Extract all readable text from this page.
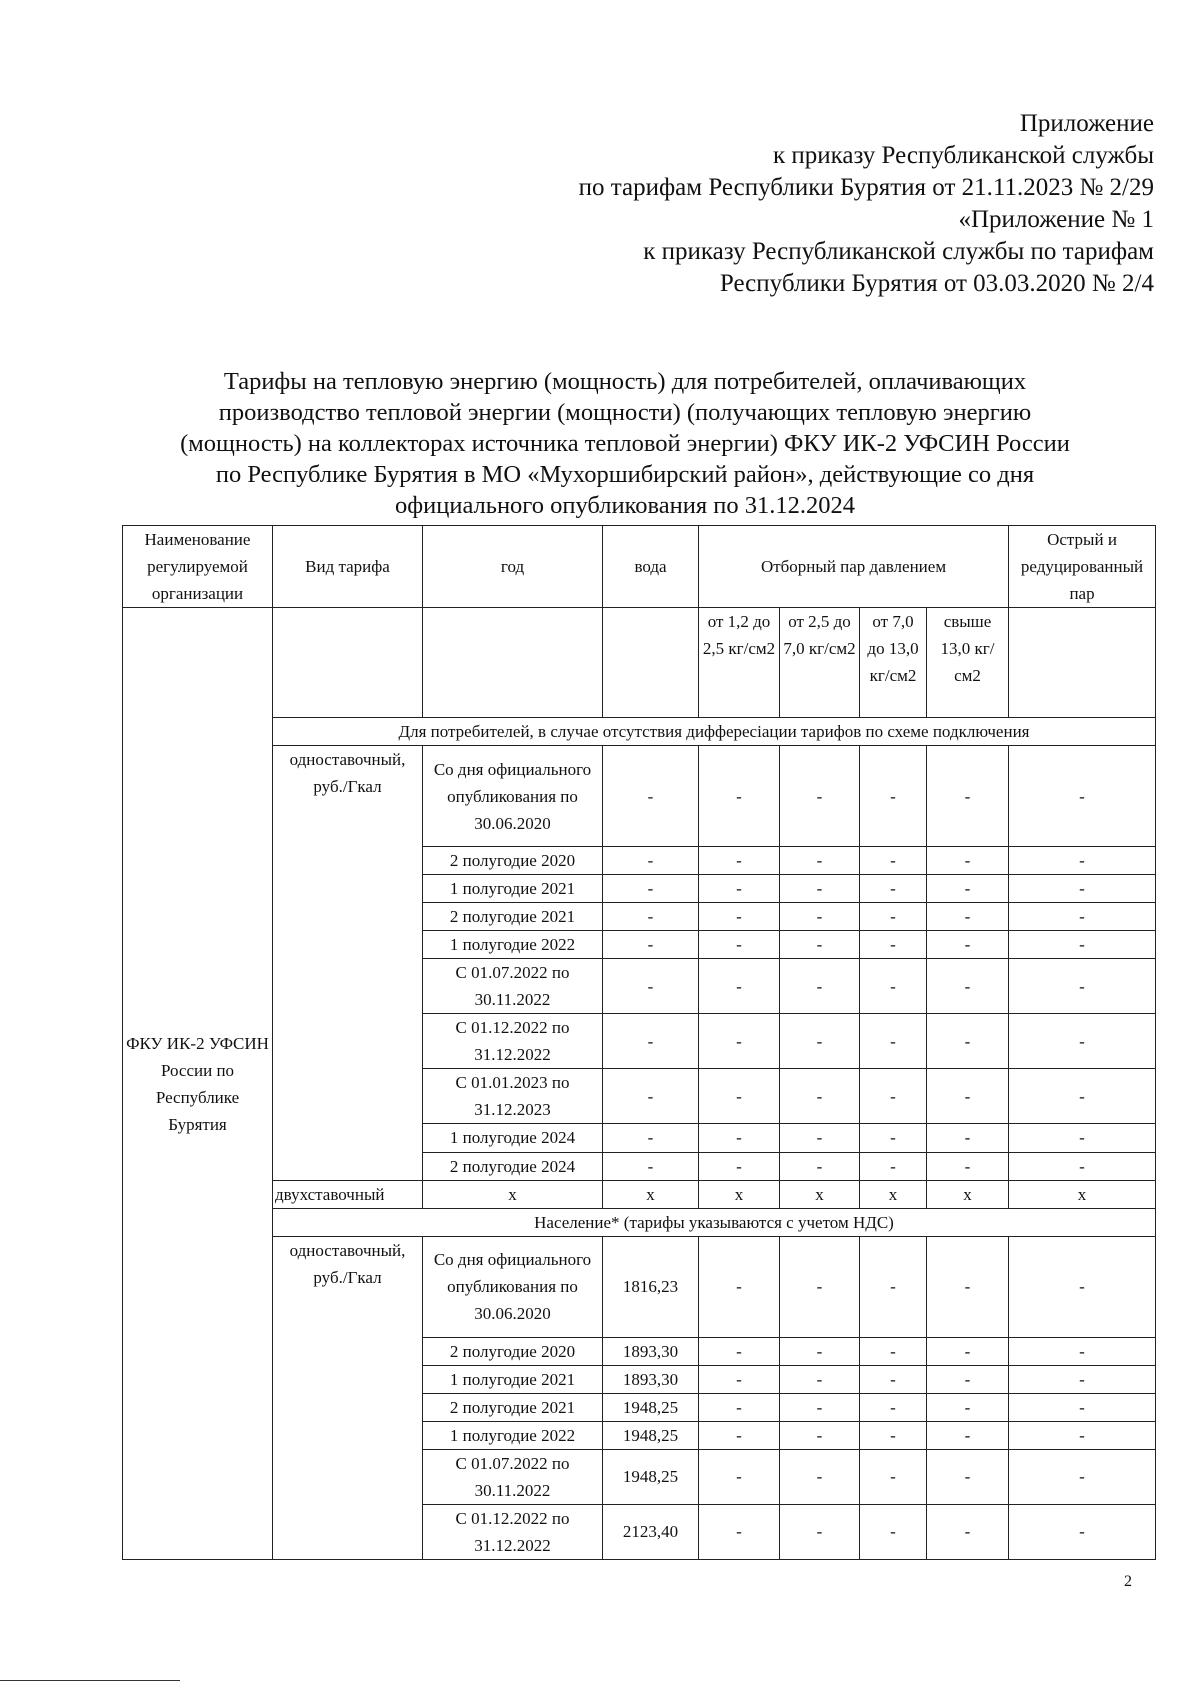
Приложение
к приказу Республиканской службы
по тарифам Республики Бурятия от 21.11.2023 № 2/29
«Приложение № 1
к приказу Республиканской службы по тарифам
Республики Бурятия от 03.03.2020 № 2/4
Тарифы на тепловую энергию (мощность) для потребителей, оплачивающих
производство тепловой энергии (мощности) (получающих тепловую энергию
(мощность) на коллекторах источника тепловой энергии) ФКУ ИК-2 УФСИН России
по Республике Бурятия в МО «Мухоршибирский район», действующие со дня
официального опубликования по 31.12.2024
Наименование регулируемой организации	Вид тарифа	год	вода	Отборный пар давлением				Острый и редуцированный пар
ФКУ ИК-2 УФСИН России по Республике Бурятия				от 1,2 до 2,5 кг/см2	от 2,5 до 7,0 кг/см2	от 7,0 до 13,0 кг/см2	свыше 13,0 кг/см2	
	Для потребителей, в случае отсутствия диффереciации тарифов по схеме подключения							
	одноставочный, руб./Гкал	Со дня официального опубликования по 30.06.2020	-	-	-	-	-	-
		2 полугодие 2020	-	-	-	-	-	-
		1 полугодие 2021	-	-	-	-	-	-
		2 полугодие 2021	-	-	-	-	-	-
		1 полугодие 2022	-	-	-	-	-	-
		С 01.07.2022 по 30.11.2022	-	-	-	-	-	-
		С 01.12.2022 по 31.12.2022	-	-	-	-	-	-
		С 01.01.2023 по 31.12.2023	-	-	-	-	-	-
		1 полугодие 2024	-	-	-	-	-	-
		2 полугодие 2024	-	-	-	-	-	-
	двухставочный	х	х	х	х	х	х	х
	Население* (тарифы указываются с учетом НДС)							
	одноставочный, руб./Гкал	Со дня официального опубликования по 30.06.2020	1816,23	-	-	-	-	-
		2 полугодие 2020	1893,30	-	-	-	-	-
		1 полугодие 2021	1893,30	-	-	-	-	-
		2 полугодие 2021	1948,25	-	-	-	-	-
		1 полугодие 2022	1948,25	-	-	-	-	-
		С 01.07.2022 по 30.11.2022	1948,25	-	-	-	-	-
		С 01.12.2022 по 31.12.2022	2123,40	-	-	-	-	-
2
